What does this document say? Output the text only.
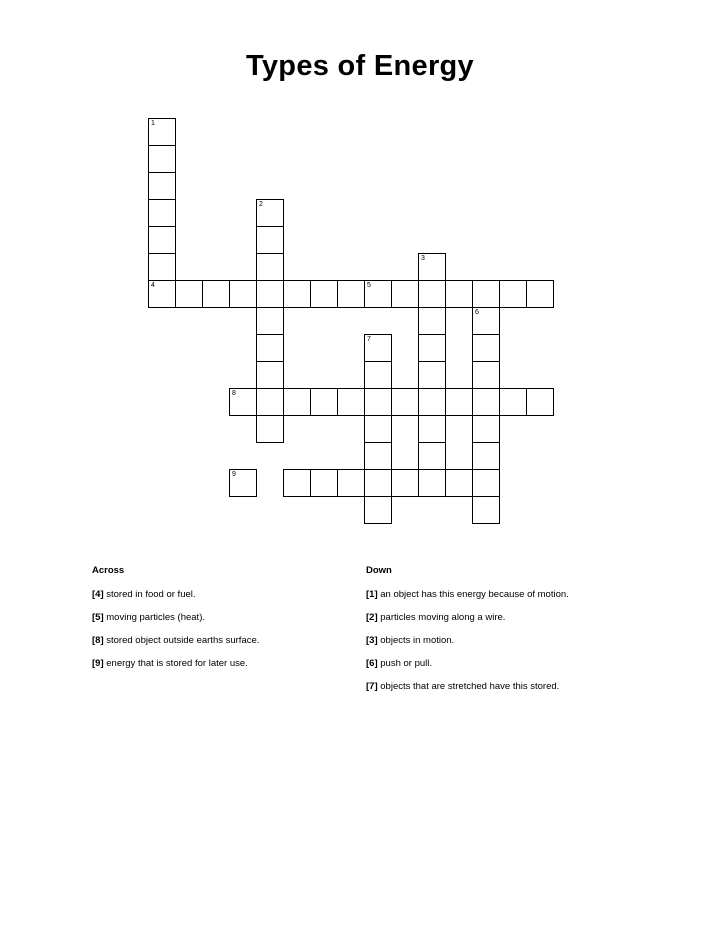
Types of Energy
1
2
4	5
3
6
7
8
9
Across
[4] stored in food or fuel.
[5] moving particles (heat).
[8] stored object outside earths surface.
[9] energy that is stored for later use.
Down
[1] an object has this energy because of motion.
[2] particles moving along a wire.
[3] objects in motion.
[6] push or pull.
[7] objects that are stretched have this stored.
